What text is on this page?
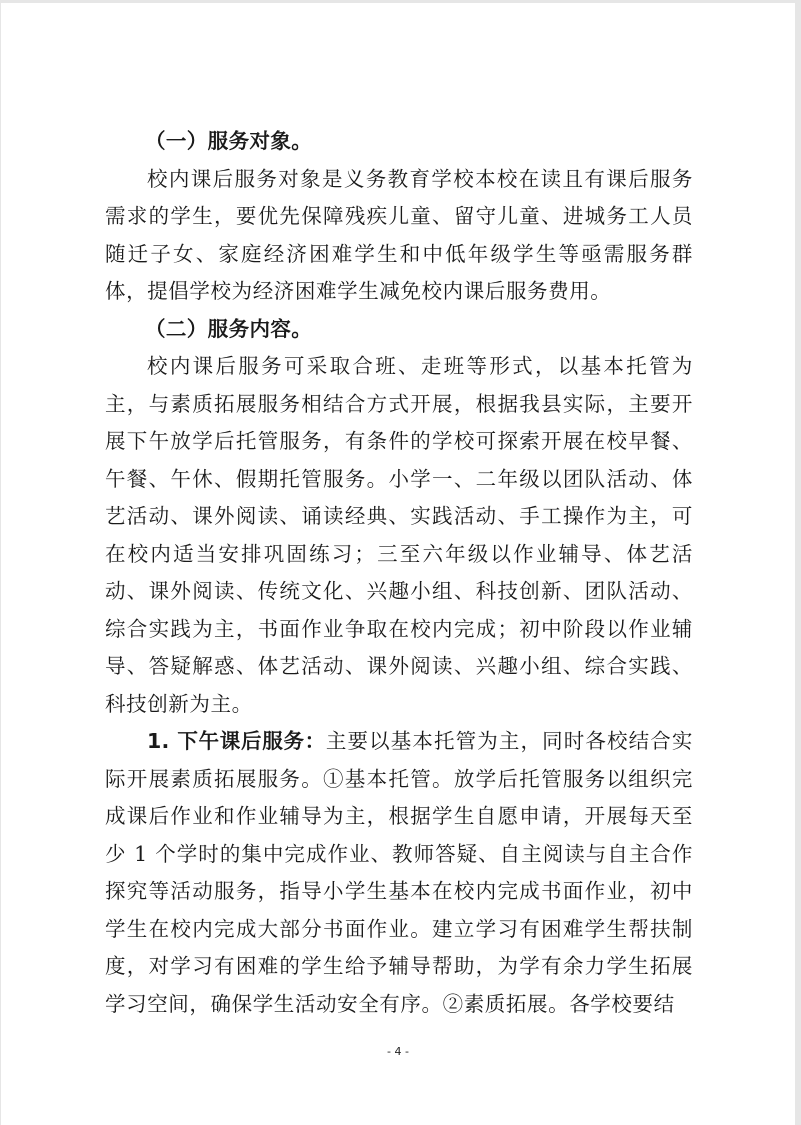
（一）服务对象。

校内课后服务对象是义务教育学校本校在读且有课后服务需求的学生，要优先保障残疾儿童、留守儿童、进城务工人员随迁子女、家庭经济困难学生和中低年级学生等亟需服务群体，提倡学校为经济困难学生减免校内课后服务费用。

（二）服务内容。

校内课后服务可采取合班、走班等形式，以基本托管为主，与素质拓展服务相结合方式开展，根据我县实际，主要开展下午放学后托管服务，有条件的学校可探索开展在校早餐、午餐、午休、假期托管服务。小学一、二年级以团队活动、体艺活动、课外阅读、诵读经典、实践活动、手工操作为主，可在校内适当安排巩固练习；三至六年级以作业辅导、体艺活动、课外阅读、传统文化、兴趣小组、科技创新、团队活动、综合实践为主，书面作业争取在校内完成；初中阶段以作业辅导、答疑解惑、体艺活动、课外阅读、兴趣小组、综合实践、科技创新为主。

1. 下午课后服务：主要以基本托管为主，同时各校结合实际开展素质拓展服务。①基本托管。放学后托管服务以组织完成课后作业和作业辅导为主，根据学生自愿申请，开展每天至少 1 个学时的集中完成作业、教师答疑、自主阅读与自主合作探究等活动服务，指导小学生基本在校内完成书面作业，初中学生在校内完成大部分书面作业。建立学习有困难学生帮扶制度，对学习有困难的学生给予辅导帮助，为学有余力学生拓展学习空间，确保学生活动安全有序。②素质拓展。各学校要结

- 4 -
